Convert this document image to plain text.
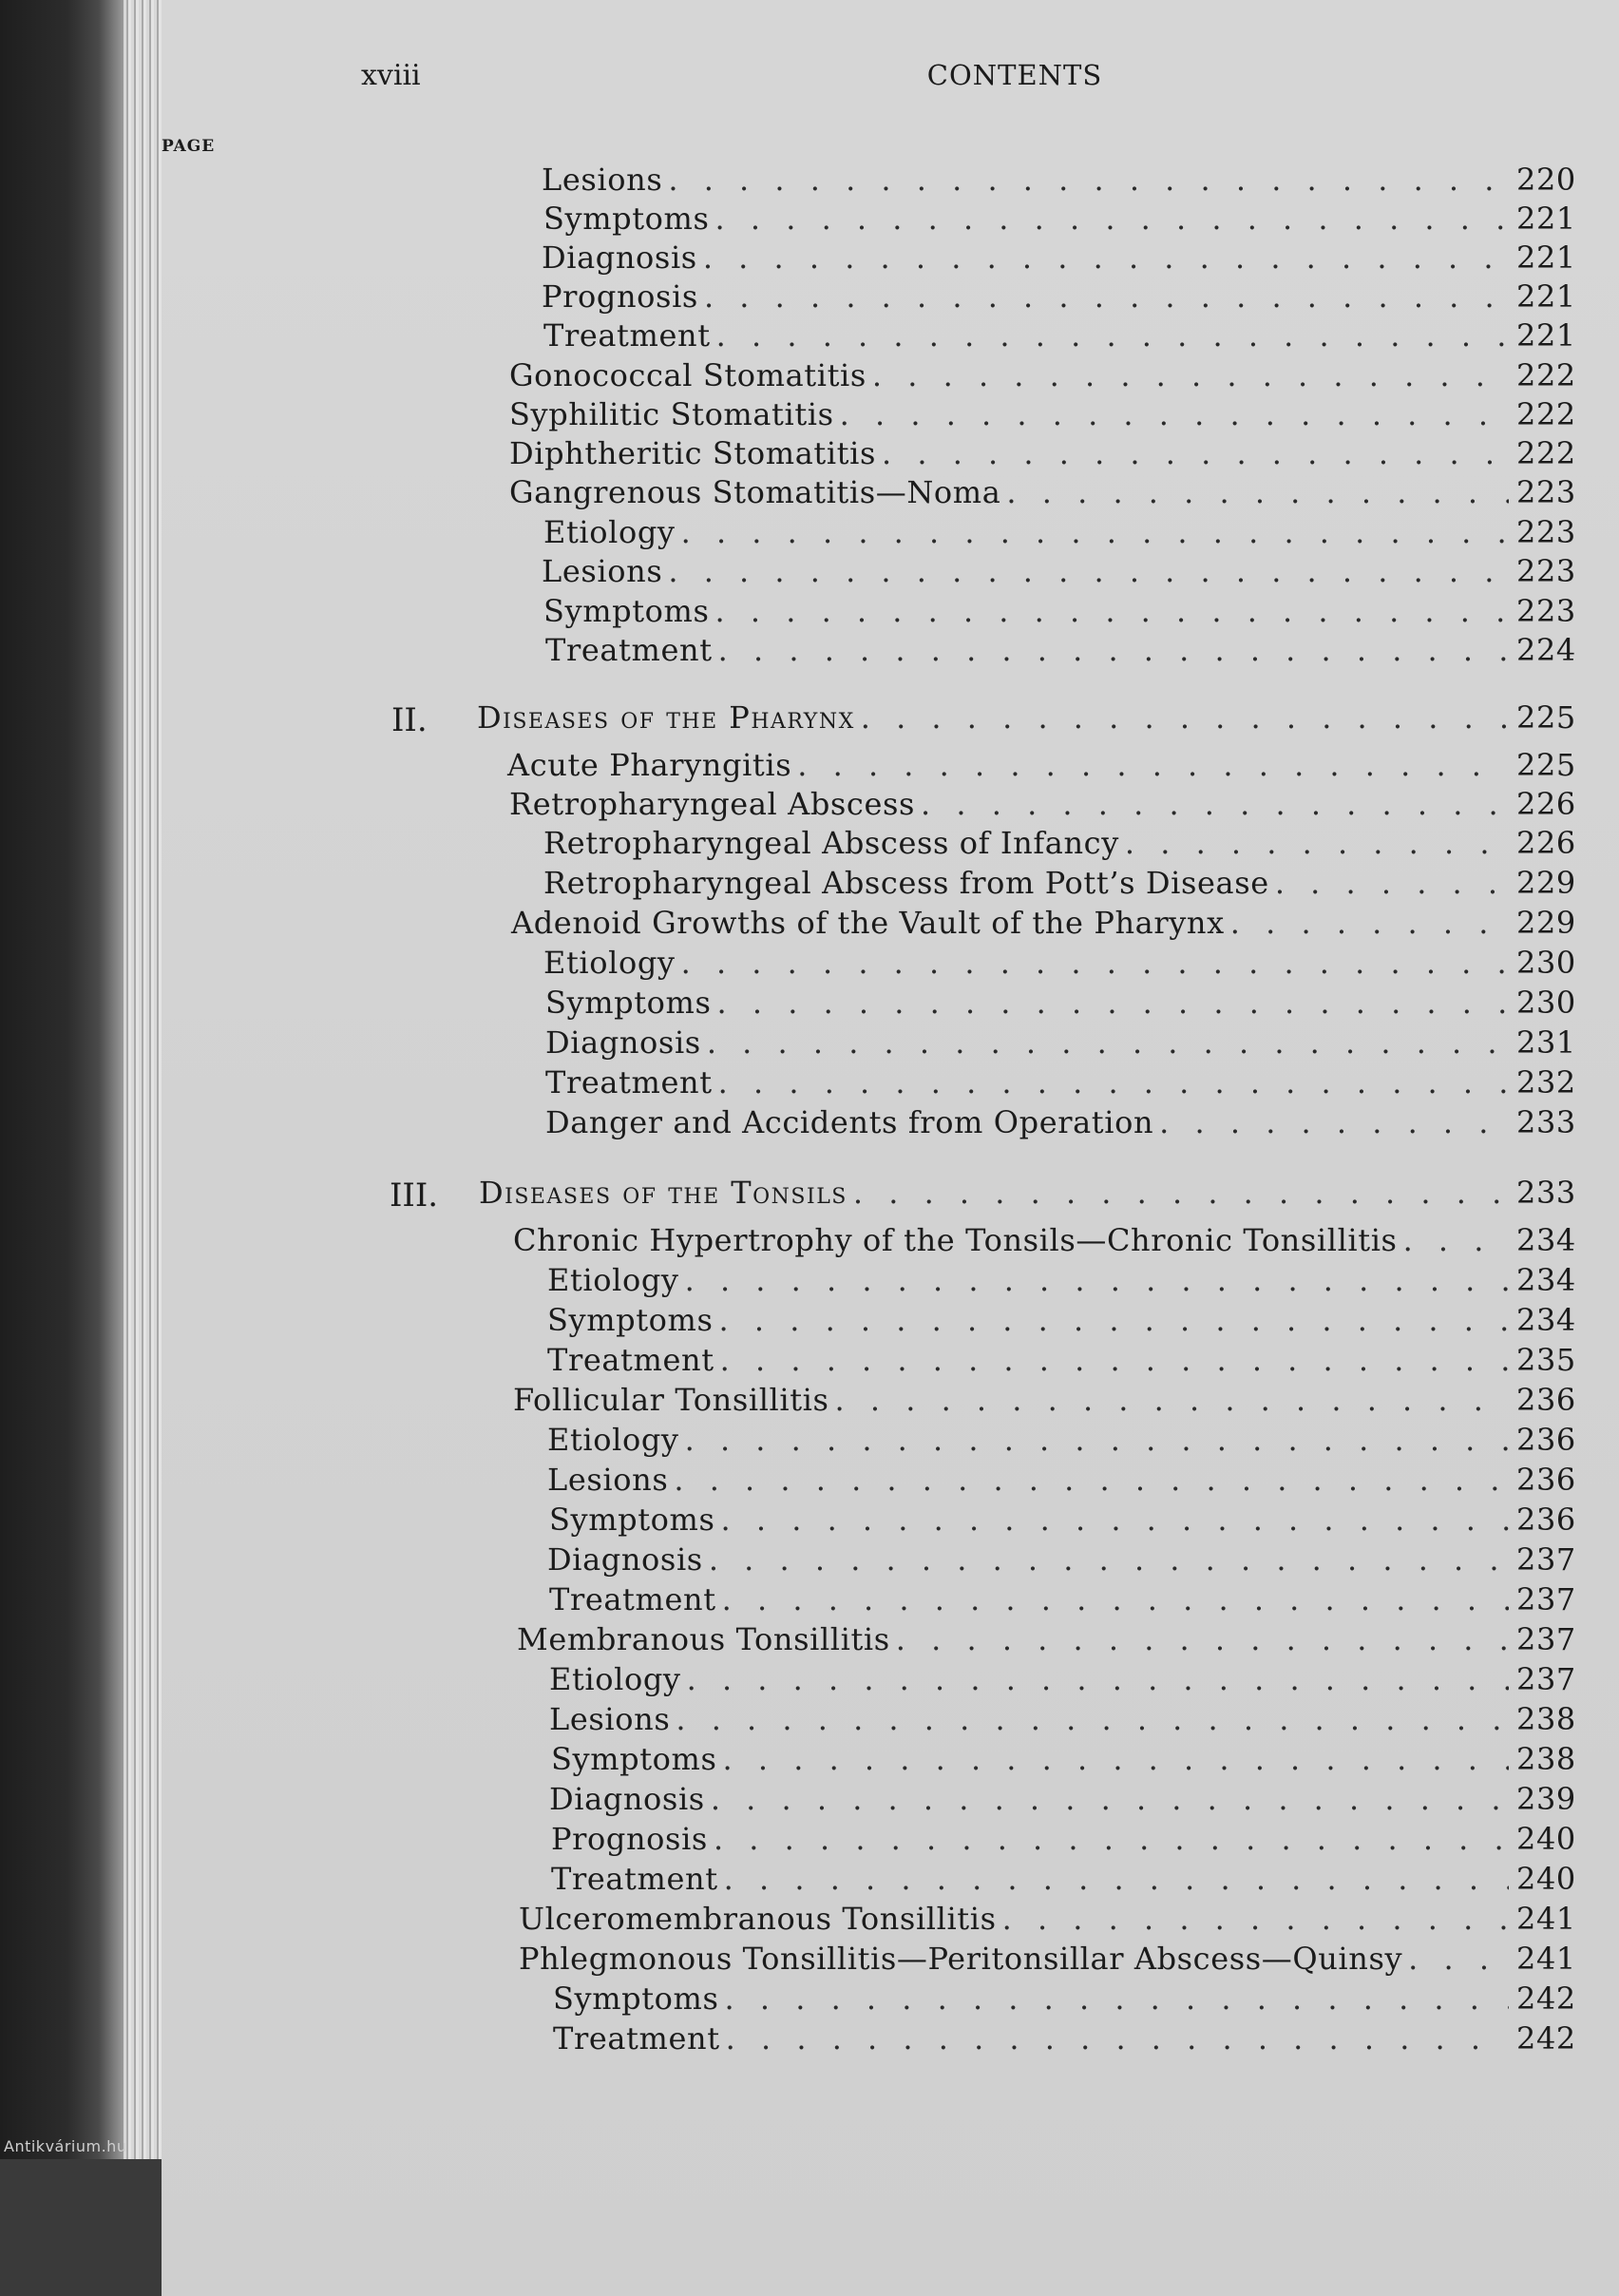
xviii	CONTENTS
PAGE
Lesions . . .	220
Symptoms . . .	221
Diagnosis . . .	221
Prognosis . . .	221
Treatment . . .	221
Gonococcal Stomatitis . . .	222
Syphilitic Stomatitis . . .	222
Diphtheritic Stomatitis . . .	222
Gangrenous Stomatitis—Noma . . .	223
Etiology . . .	223
Lesions . . .	223
Symptoms . . .	223
Treatment . . .	224
II. Diseases of the Pharynx . . .	225
Acute Pharyngitis . . .	225
Retropharyngeal Abscess . . .	226
Retropharyngeal Abscess of Infancy . . .	226
Retropharyngeal Abscess from Pott’s Disease . . .	229
Adenoid Growths of the Vault of the Pharynx . . .	229
Etiology . . .	230
Symptoms . . .	230
Diagnosis . . .	231
Treatment . . .	232
Danger and Accidents from Operation . . .	233
III. Diseases of the Tonsils . . .	233
Chronic Hypertrophy of the Tonsils—Chronic Tonsillitis . . .	234
Etiology . . .	234
Symptoms . . .	234
Treatment . . .	235
Follicular Tonsillitis . . .	236
Etiology . . .	236
Lesions . . .	236
Symptoms . . .	236
Diagnosis . . .	237
Treatment . . .	237
Membranous Tonsillitis . . .	237
Etiology . . .	237
Lesions . . .	238
Symptoms . . .	238
Diagnosis . . .	239
Prognosis . . .	240
Treatment . . .	240
Ulceromembranous Tonsillitis . . .	241
Phlegmonous Tonsillitis—Peritonsillar Abscess—Quinsy . . .	241
Symptoms . . .	242
Treatment . . .	242
Antikvárium.hu
